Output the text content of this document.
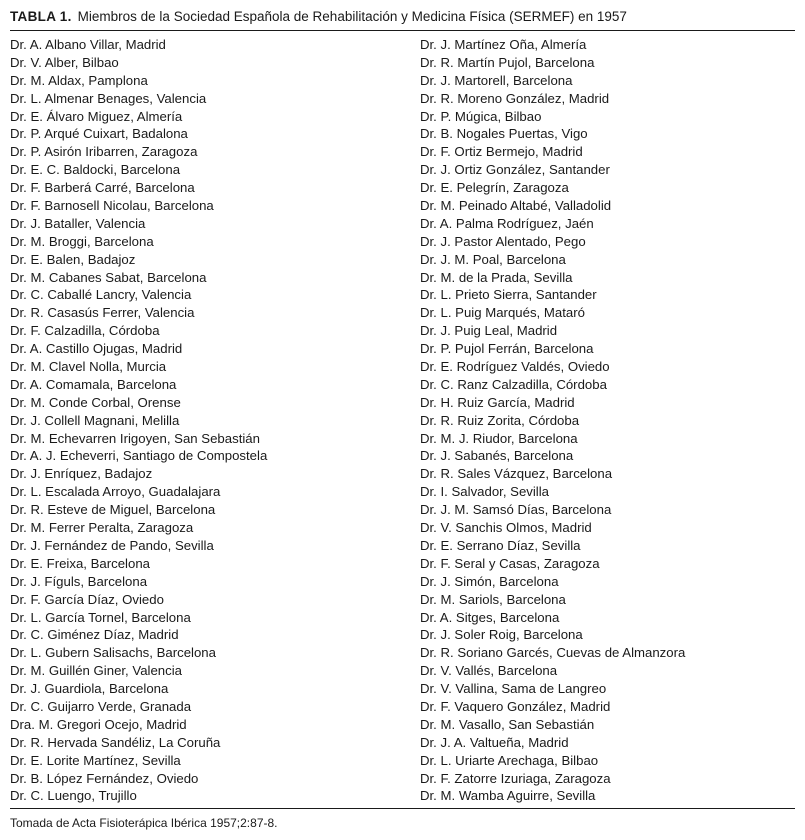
TABLA 1. Miembros de la Sociedad Española de Rehabilitación y Medicina Física (SERMEF) en 1957
Dr. A. Albano Villar, Madrid
Dr. V. Alber, Bilbao
Dr. M. Aldax, Pamplona
Dr. L. Almenar Benages, Valencia
Dr. E. Álvaro Miguez, Almería
Dr. P. Arqué Cuixart, Badalona
Dr. P. Asirón Iribarren, Zaragoza
Dr. E. C. Baldocki, Barcelona
Dr. F. Barberá Carré, Barcelona
Dr. F. Barnosell Nicolau, Barcelona
Dr. J. Bataller, Valencia
Dr. M. Broggi, Barcelona
Dr. E. Balen, Badajoz
Dr. M. Cabanes Sabat, Barcelona
Dr. C. Caballé Lancry, Valencia
Dr. R. Casasús Ferrer, Valencia
Dr. F. Calzadilla, Córdoba
Dr. A. Castillo Ojugas, Madrid
Dr. M. Clavel Nolla, Murcia
Dr. A. Comamala, Barcelona
Dr. M. Conde Corbal, Orense
Dr. J. Collell Magnani, Melilla
Dr. M. Echevarren Irigoyen, San Sebastián
Dr. A. J. Echeverri, Santiago de Compostela
Dr. J. Enríquez, Badajoz
Dr. L. Escalada Arroyo, Guadalajara
Dr. R. Esteve de Miguel, Barcelona
Dr. M. Ferrer Peralta, Zaragoza
Dr. J. Fernández de Pando, Sevilla
Dr. E. Freixa, Barcelona
Dr. J. Fíguls, Barcelona
Dr. F. García Díaz, Oviedo
Dr. L. García Tornel, Barcelona
Dr. C. Giménez Díaz, Madrid
Dr. L. Gubern Salisachs, Barcelona
Dr. M. Guillén Giner, Valencia
Dr. J. Guardiola, Barcelona
Dr. C. Guijarro Verde, Granada
Dra. M. Gregori Ocejo, Madrid
Dr. R. Hervada Sandéliz, La Coruña
Dr. E. Lorite Martínez, Sevilla
Dr. B. López Fernández, Oviedo
Dr. C. Luengo, Trujillo
Dr. J. Martínez Oña, Almería
Dr. R. Martín Pujol, Barcelona
Dr. J. Martorell, Barcelona
Dr. R. Moreno González, Madrid
Dr. P. Múgica, Bilbao
Dr. B. Nogales Puertas, Vigo
Dr. F. Ortiz Bermejo, Madrid
Dr. J. Ortiz González, Santander
Dr. E. Pelegrín, Zaragoza
Dr. M. Peinado Altabé, Valladolid
Dr. A. Palma Rodríguez, Jaén
Dr. J. Pastor Alentado, Pego
Dr. J. M. Poal, Barcelona
Dr. M. de la Prada, Sevilla
Dr. L. Prieto Sierra, Santander
Dr. L. Puig Marqués, Mataró
Dr. J. Puig Leal, Madrid
Dr. P. Pujol Ferrán, Barcelona
Dr. E. Rodríguez Valdés, Oviedo
Dr. C. Ranz Calzadilla, Córdoba
Dr. H. Ruiz García, Madrid
Dr. R. Ruiz Zorita, Córdoba
Dr. M. J. Riudor, Barcelona
Dr. J. Sabanés, Barcelona
Dr. R. Sales Vázquez, Barcelona
Dr. I. Salvador, Sevilla
Dr. J. M. Samsó Días, Barcelona
Dr. V. Sanchis Olmos, Madrid
Dr. E. Serrano Díaz, Sevilla
Dr. F. Seral y Casas, Zaragoza
Dr. J. Simón, Barcelona
Dr. M. Sariols, Barcelona
Dr. A. Sitges, Barcelona
Dr. J. Soler Roig, Barcelona
Dr. R. Soriano Garcés, Cuevas de Almanzora
Dr. V. Vallés, Barcelona
Dr. V. Vallina, Sama de Langreo
Dr. F. Vaquero González, Madrid
Dr. M. Vasallo, San Sebastián
Dr. J. A. Valtueña, Madrid
Dr. L. Uriarte Arechaga, Bilbao
Dr. F. Zatorre Izuriaga, Zaragoza
Dr. M. Wamba Aguirre, Sevilla
Tomada de Acta Fisioterápica Ibérica 1957;2:87-8.
